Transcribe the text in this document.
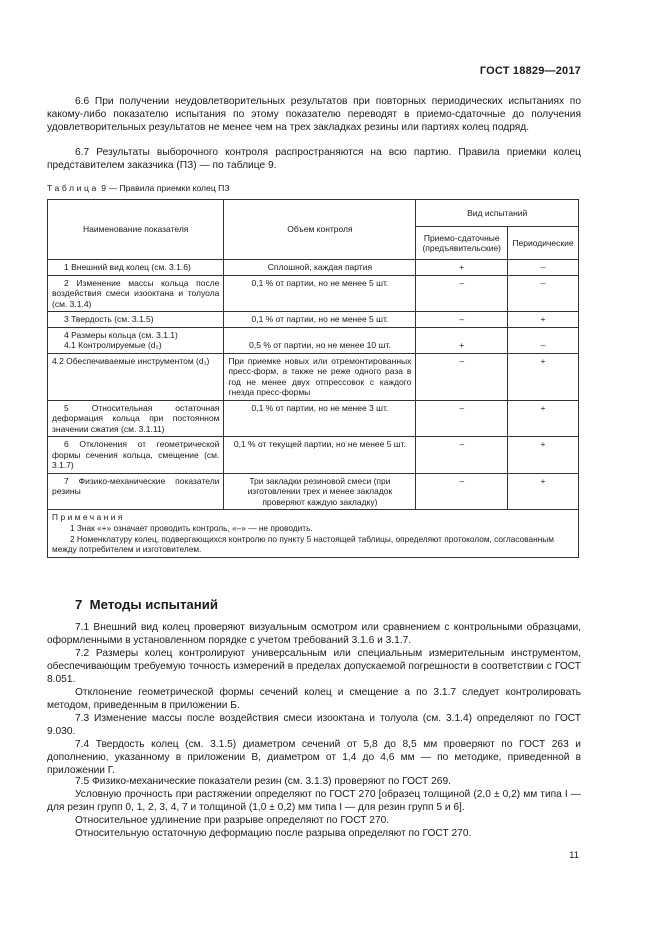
ГОСТ 18829—2017
6.6 При получении неудовлетворительных результатов при повторных периодических испытаниях по какому-либо показателю испытания по этому показателю переводят в приемо-сдаточные до получения удовлетворительных результатов не менее чем на трех закладках резины или партиях колец подряд.
6.7 Результаты выборочного контроля распространяются на всю партию. Правила приемки колец представителем заказчика (ПЗ) — по таблице 9.
Таблица 9 — Правила приемки колец ПЗ
Наименование показателя	Объем контроля	Вид испытаний	
		Приемо-сдаточные (предъявительские)	Периодические
1 Внешний вид колец (см. 3.1.6)	Сплошной, каждая партия	+	–
2 Изменение массы кольца после воздействия смеси изооктана и толуола (см. 3.1.4)	0,1 % от партии, но не менее 5 шт.	–	–
3 Твердость (см. 3.1.5)	0,1 % от партии, но не менее 5 шт.	–	+
4 Размеры кольца (см. 3.1.1)
4.1 Контролируемые (d₂)	0,5 % от партии, но не менее 10 шт.	+	–
4.2 Обеспечиваемые инструментом (d₁)	При приемке новых или отремонтированных пресс-форм, а также не реже одного раза в год не менее двух отпрессовок с каждого гнезда пресс-формы	–	+
5 Относительная остаточная деформация кольца при постоянном значении сжатия (см. 3.1.11)	0,1 % от партии, но не менее 3 шт.	–	+
6 Отклонения от геометрической формы сечения кольца, смещение (см. 3.1.7)	0,1 % от текущей партии, но не менее 5 шт.	–	+
7 Физико-механические показатели резины	Три закладки резиновой смеси (при изготовлении трех и менее закладок проверяют каждую закладку)	–	+
Примечания
1 Знак «+» означает проводить контроль, «–» — не проводить.
2 Номенклатуру колец, подвергающихся контролю по пункту 5 настоящей таблицы, определяют протоколом, согласованным между потребителем и изготовителем.			
7 Методы испытаний
7.1 Внешний вид колец проверяют визуальным осмотром или сравнением с контрольными образцами, оформленными в установленном порядке с учетом требований 3.1.6 и 3.1.7.
7.2 Размеры колец контролируют универсальным или специальным измерительным инструментом, обеспечивающим требуемую точность измерений в пределах допускаемой погрешности в соответствии с ГОСТ 8.051.
Отклонение геометрической формы сечений колец и смещение а по 3.1.7 следует контролировать методом, приведенным в приложении Б.
7.3 Изменение массы после воздействия смеси изооктана и толуола (см. 3.1.4) определяют по ГОСТ 9.030.
7.4 Твердость колец (см. 3.1.5) диаметром сечений от 5,8 до 8,5 мм проверяют по ГОСТ 263 и дополнению, указанному в приложении В, диаметром от 1,4 до 4,6 мм — по методике, приведенной в приложении Г.
7.5 Физико-механические показатели резин (см. 3.1.3) проверяют по ГОСТ 269.
Условную прочность при растяжении определяют по ГОСТ 270 [образец толщиной (2,0 ± 0,2) мм типа I — для резин групп 0, 1, 2, 3, 4, 7 и толщиной (1,0 ± 0,2) мм типа I — для резин групп 5 и 6].
Относительное удлинение при разрыве определяют по ГОСТ 270.
Относительную остаточную деформацию после разрыва определяют по ГОСТ 270.
11
